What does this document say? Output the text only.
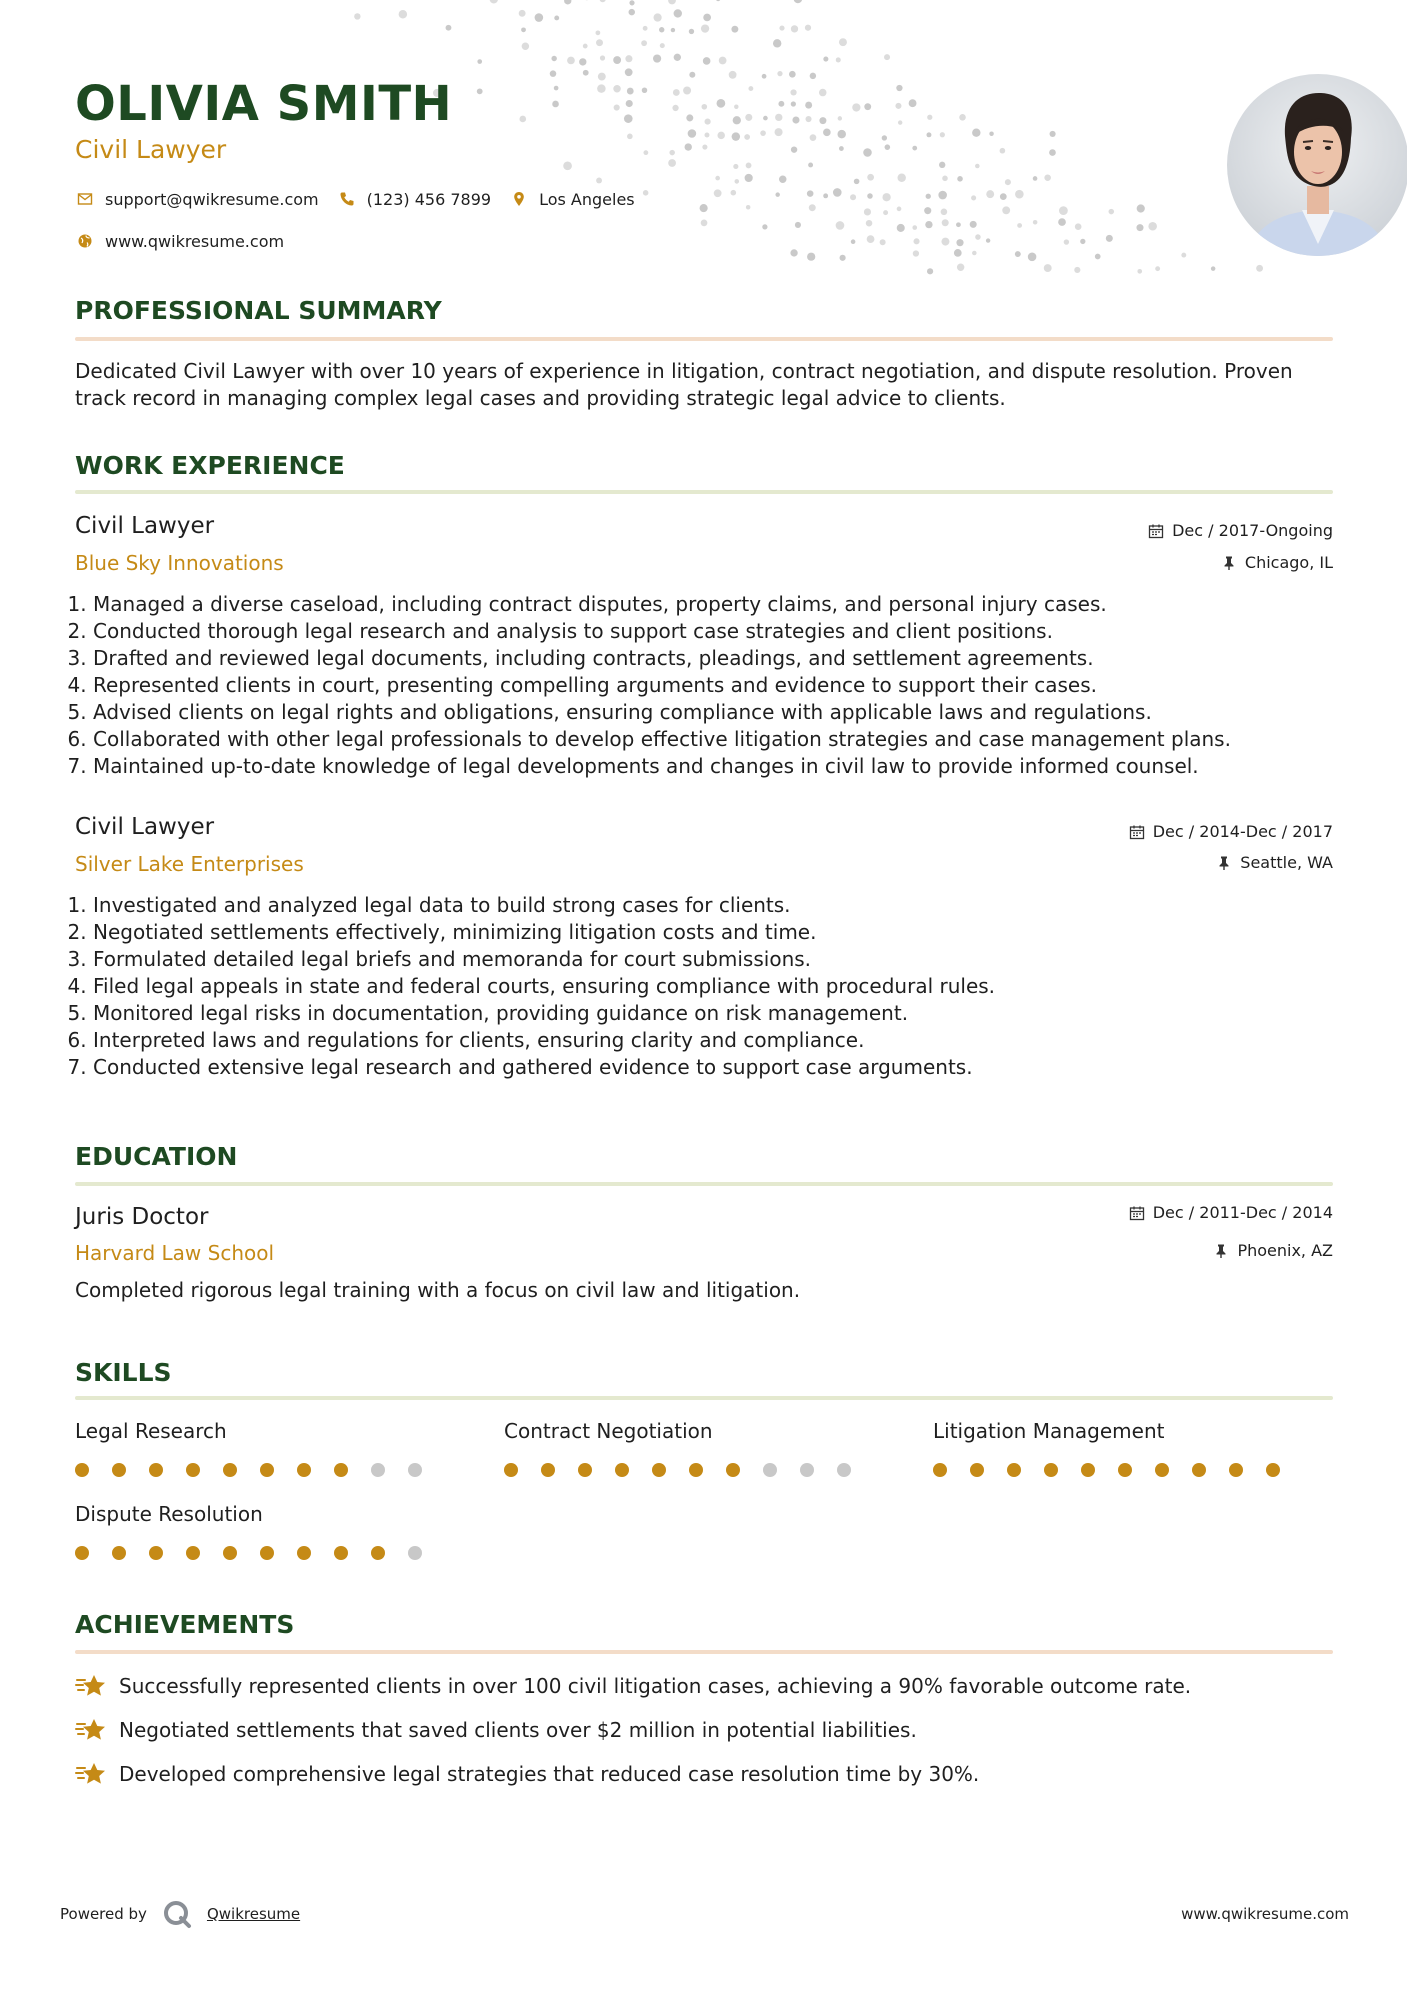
OLIVIA SMITH
Civil Lawyer
support@qwikresume.com	(123) 456 7899	Los Angeles
www.qwikresume.com
PROFESSIONAL SUMMARY
Dedicated Civil Lawyer with over 10 years of experience in litigation, contract negotiation, and dispute resolution. Proven track record in managing complex legal cases and providing strategic legal advice to clients.
WORK EXPERIENCE
Civil Lawyer
Blue Sky Innovations
Dec / 2017-Ongoing
Chicago, IL
1. Managed a diverse caseload, including contract disputes, property claims, and personal injury cases.
2. Conducted thorough legal research and analysis to support case strategies and client positions.
3. Drafted and reviewed legal documents, including contracts, pleadings, and settlement agreements.
4. Represented clients in court, presenting compelling arguments and evidence to support their cases.
5. Advised clients on legal rights and obligations, ensuring compliance with applicable laws and regulations.
6. Collaborated with other legal professionals to develop effective litigation strategies and case management plans.
7. Maintained up-to-date knowledge of legal developments and changes in civil law to provide informed counsel.
Civil Lawyer
Silver Lake Enterprises
Dec / 2014-Dec / 2017
Seattle, WA
1. Investigated and analyzed legal data to build strong cases for clients.
2. Negotiated settlements effectively, minimizing litigation costs and time.
3. Formulated detailed legal briefs and memoranda for court submissions.
4. Filed legal appeals in state and federal courts, ensuring compliance with procedural rules.
5. Monitored legal risks in documentation, providing guidance on risk management.
6. Interpreted laws and regulations for clients, ensuring clarity and compliance.
7. Conducted extensive legal research and gathered evidence to support case arguments.
EDUCATION
Juris Doctor
Harvard Law School
Dec / 2011-Dec / 2014
Phoenix, AZ
Completed rigorous legal training with a focus on civil law and litigation.
SKILLS
Legal Research	Contract Negotiation	Litigation Management
Dispute Resolution
ACHIEVEMENTS
Successfully represented clients in over 100 civil litigation cases, achieving a 90% favorable outcome rate.
Negotiated settlements that saved clients over $2 million in potential liabilities.
Developed comprehensive legal strategies that reduced case resolution time by 30%.
Powered by	Qwikresume	www.qwikresume.com
